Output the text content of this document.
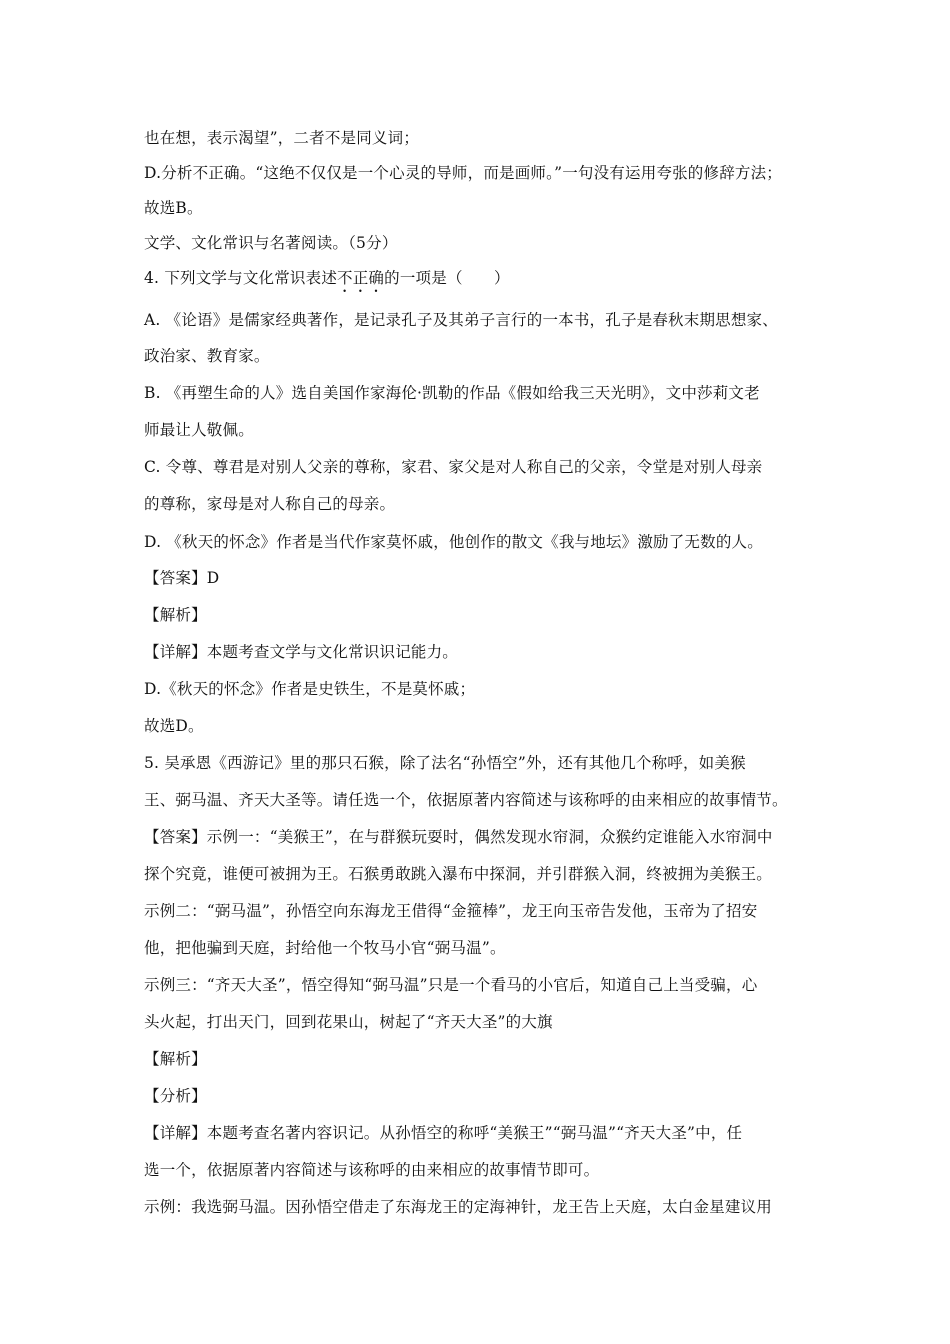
也在想，表示渴望”，二者不是同义词；
D.分析不正确。“这绝不仅仅是一个心灵的导师，而是画师。”一句没有运用夸张的修辞方法；
故选B。
文学、文化常识与名著阅读。（5分）
4. 下列文学与文化常识表述不正确的一项是（　　）
A. 《论语》是儒家经典著作，是记录孔子及其弟子言行的一本书，孔子是春秋末期思想家、
政治家、教育家。
B. 《再塑生命的人》选自美国作家海伦·凯勒的作品《假如给我三天光明》，文中莎莉文老
师最让人敬佩。
C. 令尊、尊君是对别人父亲的尊称，家君、家父是对人称自己的父亲，令堂是对别人母亲
的尊称，家母是对人称自己的母亲。
D. 《秋天的怀念》作者是当代作家莫怀戚，他创作的散文《我与地坛》激励了无数的人。
【答案】D
【解析】
【详解】本题考查文学与文化常识识记能力。
D.《秋天的怀念》作者是史铁生，不是莫怀戚；
故选D。
5. 吴承恩《西游记》里的那只石猴，除了法名“孙悟空”外，还有其他几个称呼，如美猴
王、弼马温、齐天大圣等。请任选一个，依据原著内容简述与该称呼的由来相应的故事情节。
【答案】示例一：“美猴王”，在与群猴玩耍时，偶然发现水帘洞，众猴约定谁能入水帘洞中
探个究竟，谁便可被拥为王。石猴勇敢跳入瀑布中探洞，并引群猴入洞，终被拥为美猴王。
示例二：“弼马温”，孙悟空向东海龙王借得“金箍棒”，龙王向玉帝告发他，玉帝为了招安
他，把他骗到天庭，封给他一个牧马小官“弼马温”。
示例三：“齐天大圣”，悟空得知“弼马温”只是一个看马的小官后，知道自己上当受骗，心
头火起，打出天门，回到花果山，树起了“齐天大圣”的大旗
【解析】
【分析】
【详解】本题考查名著内容识记。从孙悟空的称呼“美猴王”“弼马温”“齐天大圣”中，任
选一个，依据原著内容简述与该称呼的由来相应的故事情节即可。
示例：我选弼马温。因孙悟空借走了东海龙王的定海神针，龙王告上天庭，太白金星建议用
